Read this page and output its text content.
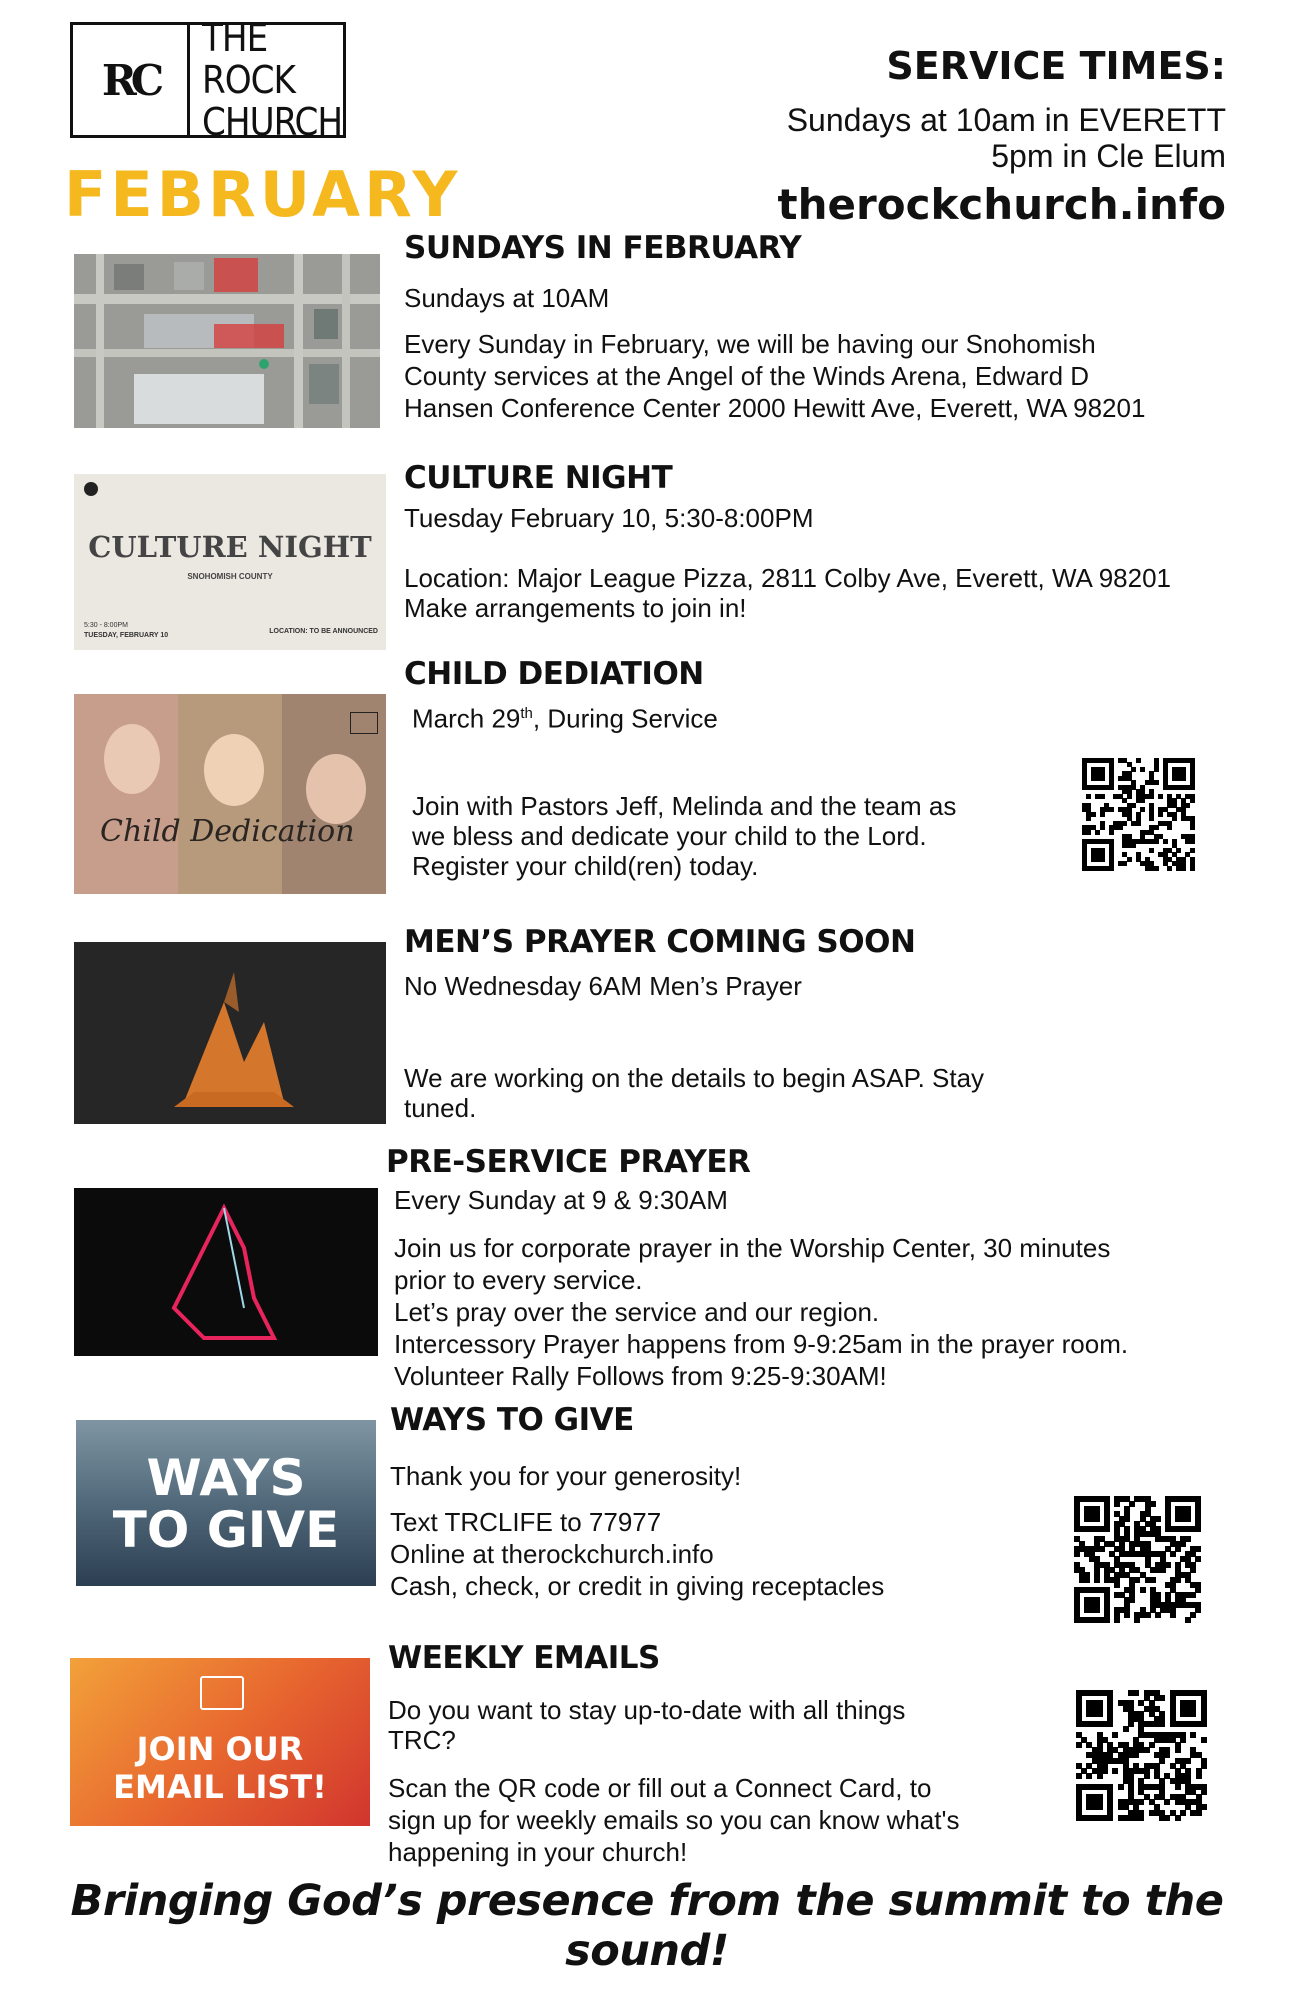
RC
THE ROCK
CHURCH
FEBRUARY
SERVICE TIMES:
Sundays at 10am in EVERETT
5pm in Cle Elum
therockchurch.info
SUNDAYS IN FEBRUARY
Sundays at 10AM
Every Sunday in February, we will be having our Snohomish
County services at the Angel of the Winds Arena, Edward D
Hansen Conference Center 2000 Hewitt Ave, Everett, WA 98201
CULTURE NIGHT
SNOHOMISH COUNTY
5:30 - 8:00PM
TUESDAY, FEBRUARY 10
LOCATION: TO BE ANNOUNCED
CULTURE NIGHT
Tuesday February 10, 5:30-8:00PM
Location: Major League Pizza, 2811 Colby Ave, Everett, WA 98201
Make arrangements to join in!
Child Dedication
CHILD DEDIATION
March 29th, During Service
Join with Pastors Jeff, Melinda and the team as
we bless and dedicate your child to the Lord.
Register your child(ren) today.
MEN’S PRAYER COMING SOON
No Wednesday 6AM Men’s Prayer
We are working on the details to begin ASAP. Stay
tuned.
PRE-SERVICE PRAYER
Every Sunday at 9 & 9:30AM
Join us for corporate prayer in the Worship Center, 30 minutes
prior to every service.
Let’s pray over the service and our region.
Intercessory Prayer happens from 9-9:25am in the prayer room.
Volunteer Rally Follows from 9:25-9:30AM!
WAYS
TO GIVE
WAYS TO GIVE
Thank you for your generosity!
Text TRCLIFE to 77977
Online at therockchurch.info
Cash, check, or credit in giving receptacles
JOIN OUR
EMAIL LIST!
WEEKLY EMAILS
Do you want to stay up-to-date with all things
TRC?
Scan the QR code or fill out a Connect Card, to
sign up for weekly emails so you can know what's
happening in your church!
Bringing God’s presence from the summit to the sound!
